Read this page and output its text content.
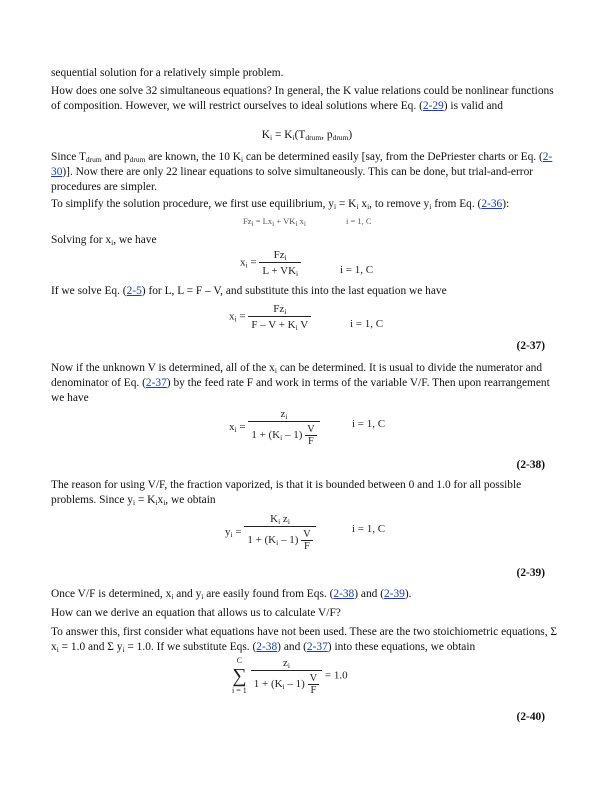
sequential solution for a relatively simple problem.

How does one solve 32 simultaneous equations? In general, the K value relations could be nonlinear functions of composition. However, we will restrict ourselves to ideal solutions where Eq. (2-29) is valid and

$K_i = K_i(T_{drum}$, $p_{drum}$)

Since $T_{drum}$ and $p_{drum}$ are known, the 10 $K_i$ can be determined easily [say, from the DePriester charts or Eq. (2-30)]. Now there are only 22 linear equations to solve simultaneously. This can be done, but trial-and-error procedures are simpler.

To simplify the solution procedure, we first use equilibrium, $y_i = K_i$ $x_i$, to remove $y_i$ from Eq. (2-36):

$Fz_i = Lx_i + VK_i$ $x_i$	i = 1, C

Solving for $x_i$, we have

$x_i = \frac{Fz_i}{L + VK_i}$	i = 1, C

If we solve Eq. (2-5) for L, L = F – V, and substitute this into the last equation we have

$x_i = \frac{Fz_i}{F - V + K_i V}$	i = 1, C
(2-37)

Now if the unknown V is determined, all of the $x_i$ can be determined. It is usual to divide the numerator and denominator of Eq. (2-37) by the feed rate F and work in terms of the variable V/F. Then upon rearrangement we have

$x_i = \frac{z_i}{1 + (K_i - 1) \frac{V}{F}}$	i = 1, C
(2-38)

The reason for using V/F, the fraction vaporized, is that it is bounded between 0 and 1.0 for all possible problems. Since $y_i = K_ix_i$, we obtain

$y_i = \frac{K_i z_i}{1 + (K_i - 1) \frac{V}{F}}$	i = 1, C
(2-39)

Once V/F is determined, $x_i$ and $y_i$ are easily found from Eqs. (2-38) and (2-39).

How can we derive an equation that allows us to calculate V/F?

To answer this, first consider what equations have not been used. These are the two stoichiometric equations, Σ $x_i = 1.0$ and Σ $y_i = 1.0$. If we substitute Eqs. (2-38) and (2-37) into these equations, we obtain

C
∑
$i = 1 \frac{z_i}{1 + (K_i - 1) \frac{V}{F}} = 1.0$
(2-40)
